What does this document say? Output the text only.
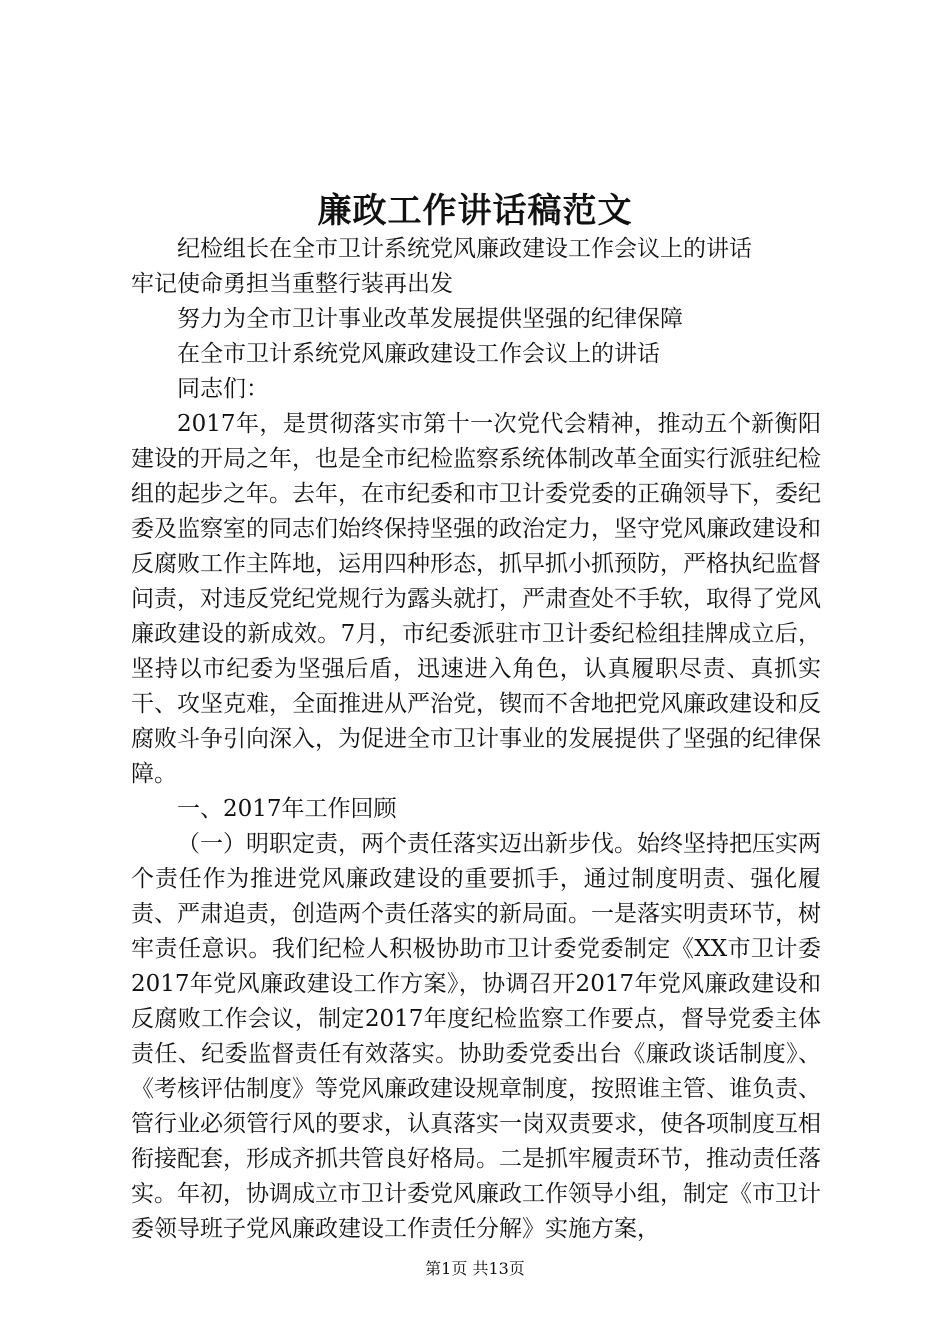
廉政工作讲话稿范文

纪检组长在全市卫计系统党风廉政建设工作会议上的讲话

牢记使命勇担当重整行装再出发

努力为全市卫计事业改革发展提供坚强的纪律保障

在全市卫计系统党风廉政建设工作会议上的讲话

同志们：

2017年，是贯彻落实市第十一次党代会精神，推动五个新衡阳建设的开局之年，也是全市纪检监察系统体制改革全面实行派驻纪检组的起步之年。去年，在市纪委和市卫计委党委的正确领导下，委纪委及监察室的同志们始终保持坚强的政治定力，坚守党风廉政建设和反腐败工作主阵地，运用四种形态，抓早抓小抓预防，严格执纪监督问责，对违反党纪党规行为露头就打，严肃查处不手软，取得了党风廉政建设的新成效。7月，市纪委派驻市卫计委纪检组挂牌成立后，坚持以市纪委为坚强后盾，迅速进入角色，认真履职尽责、真抓实干、攻坚克难，全面推进从严治党，锲而不舍地把党风廉政建设和反腐败斗争引向深入，为促进全市卫计事业的发展提供了坚强的纪律保障。

一、2017年工作回顾

（一）明职定责，两个责任落实迈出新步伐。始终坚持把压实两个责任作为推进党风廉政建设的重要抓手，通过制度明责、强化履责、严肃追责，创造两个责任落实的新局面。一是落实明责环节，树牢责任意识。我们纪检人积极协助市卫计委党委制定《XX市卫计委2017年党风廉政建设工作方案》，协调召开2017年党风廉政建设和反腐败工作会议，制定2017年度纪检监察工作要点，督导党委主体责任、纪委监督责任有效落实。协助委党委出台《廉政谈话制度》、《考核评估制度》等党风廉政建设规章制度，按照谁主管、谁负责、管行业必须管行风的要求，认真落实一岗双责要求，使各项制度互相衔接配套，形成齐抓共管良好格局。二是抓牢履责环节，推动责任落实。年初，协调成立市卫计委党风廉政工作领导小组，制定《市卫计委领导班子党风廉政建设工作责任分解》实施方案，

第1页 共13页
